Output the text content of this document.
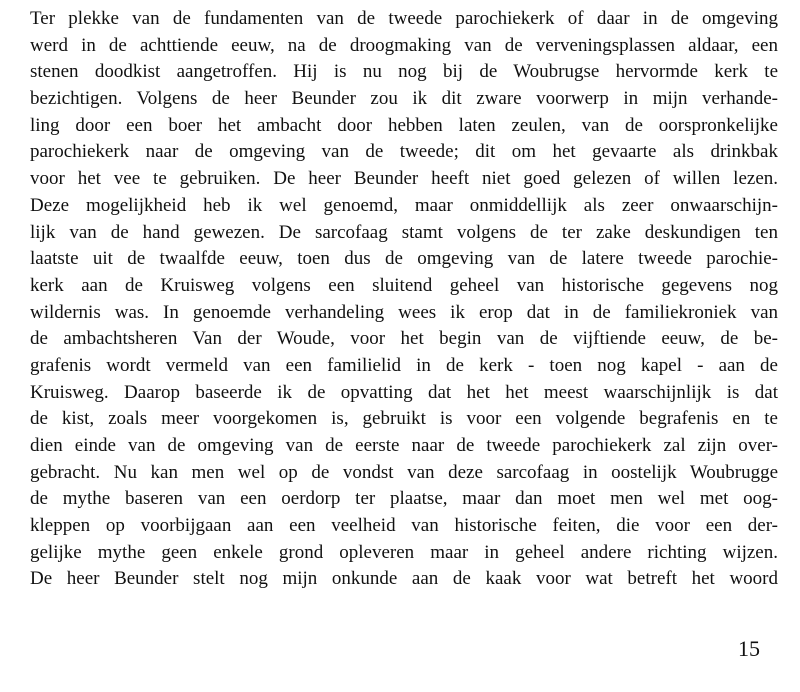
Ter plekke van de fundamenten van de tweede parochiekerk of daar in de omgeving
werd in de achttiende eeuw, na de droogmaking van de verveningsplassen aldaar, een
stenen doodkist aangetroffen. Hij is nu nog bij de Woubrugse hervormde kerk te
bezichtigen. Volgens de heer Beunder zou ik dit zware voorwerp in mijn verhande-
ling door een boer het ambacht door hebben laten zeulen, van de oorspronkelijke
parochiekerk naar de omgeving van de tweede; dit om het gevaarte als drinkbak
voor het vee te gebruiken. De heer Beunder heeft niet goed gelezen of willen lezen.
Deze mogelijkheid heb ik wel genoemd, maar onmiddellijk als zeer onwaarschijn-
lijk van de hand gewezen. De sarcofaag stamt volgens de ter zake deskundigen ten
laatste uit de twaalfde eeuw, toen dus de omgeving van de latere tweede parochie-
kerk aan de Kruisweg volgens een sluitend geheel van historische gegevens nog
wildernis was. In genoemde verhandeling wees ik erop dat in de familiekroniek van
de ambachtsheren Van der Woude, voor het begin van de vijftiende eeuw, de be-
grafenis wordt vermeld van een familielid in de kerk - toen nog kapel - aan de
Kruisweg. Daarop baseerde ik de opvatting dat het het meest waarschijnlijk is dat
de kist, zoals meer voorgekomen is, gebruikt is voor een volgende begrafenis en te
dien einde van de omgeving van de eerste naar de tweede parochiekerk zal zijn over-
gebracht. Nu kan men wel op de vondst van deze sarcofaag in oostelijk Woubrugge
de mythe baseren van een oerdorp ter plaatse, maar dan moet men wel met oog-
kleppen op voorbijgaan aan een veelheid van historische feiten, die voor een der-
gelijke mythe geen enkele grond opleveren maar in geheel andere richting wijzen.
De heer Beunder stelt nog mijn onkunde aan de kaak voor wat betreft het woord
15
